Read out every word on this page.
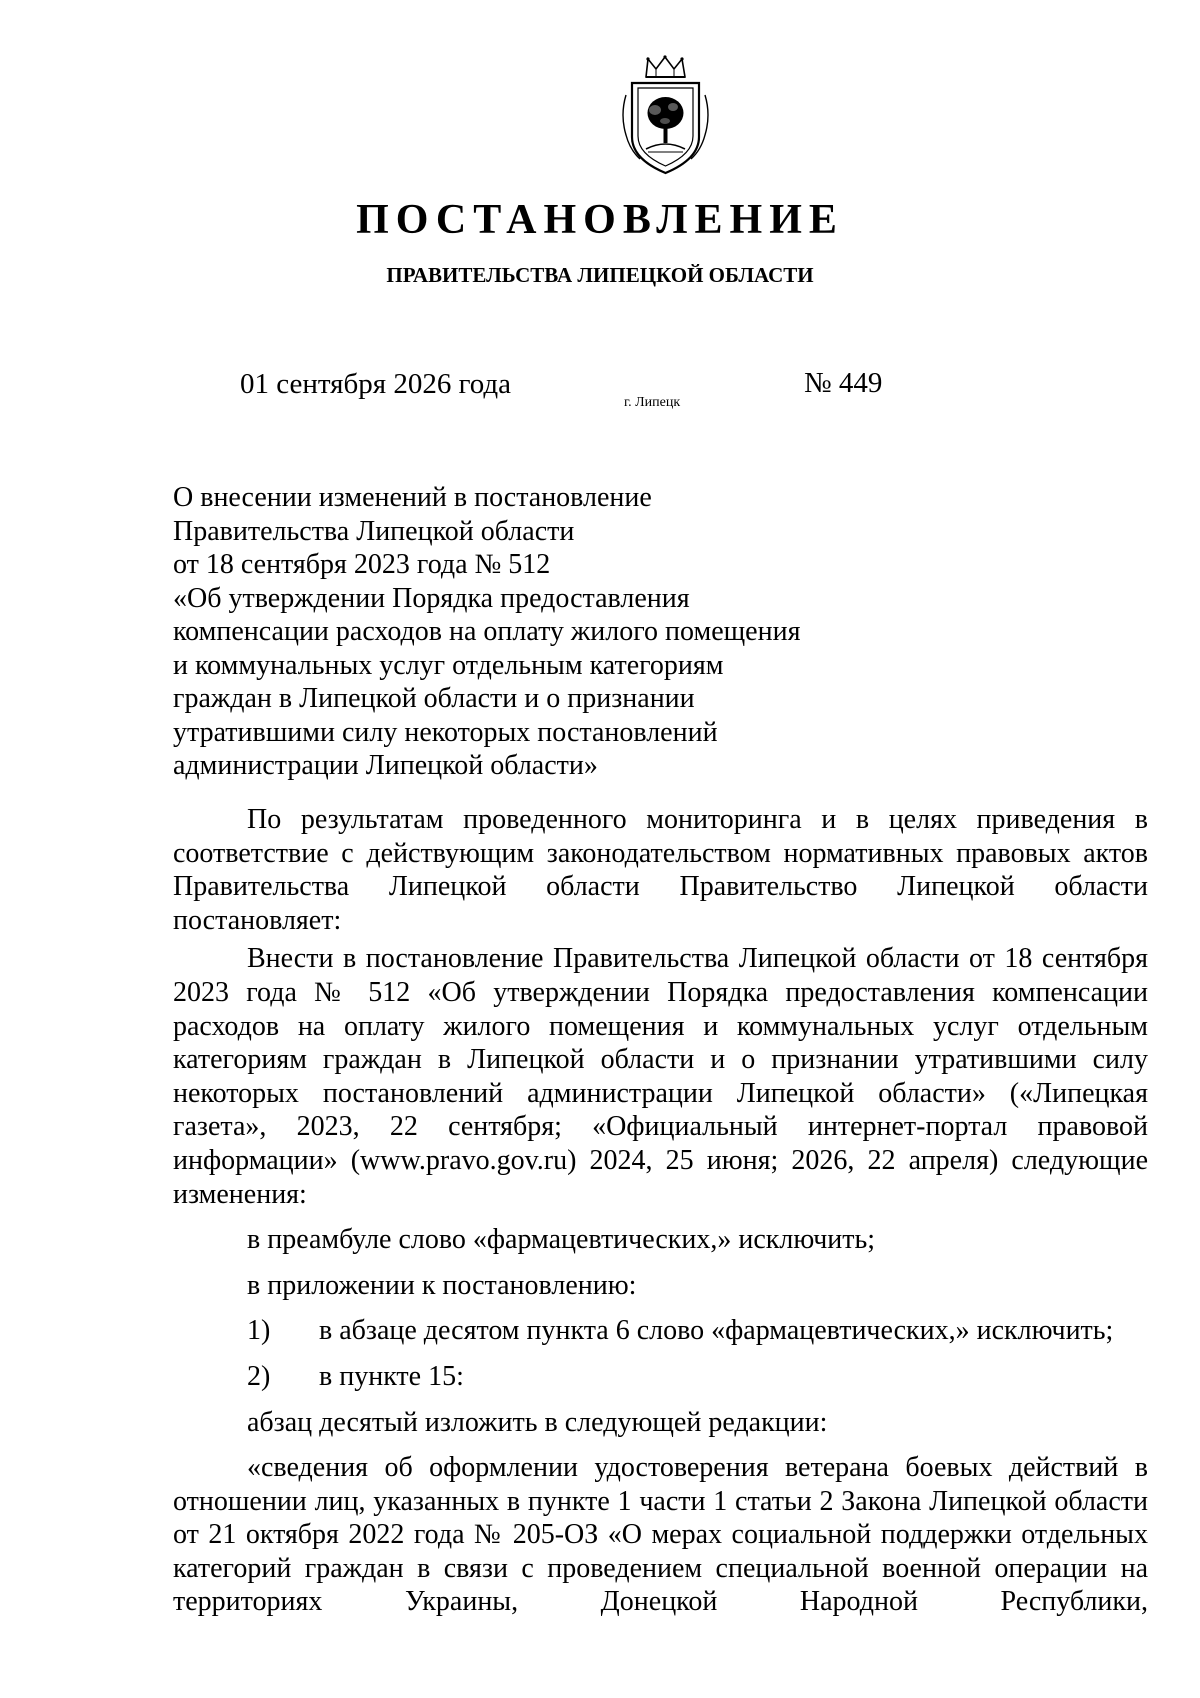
ПОСТАНОВЛЕНИЕ
ПРАВИТЕЛЬСТВА ЛИПЕЦКОЙ ОБЛАСТИ
01 сентября 2026 года
г. Липецк
№ 449
О внесении изменений в постановление
Правительства Липецкой области
от 18 сентября 2023 года № 512
«Об утверждении Порядка предоставления
компенсации расходов на оплату жилого помещения
и коммунальных услуг отдельным категориям
граждан в Липецкой области и о признании
утратившими силу некоторых постановлений
администрации Липецкой области»

По результатам проведенного мониторинга и в целях приведения в соответствие с действующим законодательством нормативных правовых актов Правительства Липецкой области Правительство Липецкой области постановляет:

Внести в постановление Правительства Липецкой области от 18 сентября 2023 года № 512 «Об утверждении Порядка предоставления компенсации расходов на оплату жилого помещения и коммунальных услуг отдельным категориям граждан в Липецкой области и о признании утратившими силу некоторых постановлений администрации Липецкой области» («Липецкая газета», 2023, 22 сентября; «Официальный интернет-портал правовой информации» (www.pravo.gov.ru) 2024, 25 июня; 2026, 22 апреля) следующие изменения:

в преамбуле слово «фармацевтических,» исключить;
в приложении к постановлению:
1) в абзаце десятом пункта 6 слово «фармацевтических,» исключить;
2) в пункте 15:
абзац десятый изложить в следующей редакции:

«сведения об оформлении удостоверения ветерана боевых действий в отношении лиц, указанных в пункте 1 части 1 статьи 2 Закона Липецкой области от 21 октября 2022 года № 205-ОЗ «О мерах социальной поддержки отдельных категорий граждан в связи с проведением специальной военной операции на территориях Украины, Донецкой Народной Республики,
